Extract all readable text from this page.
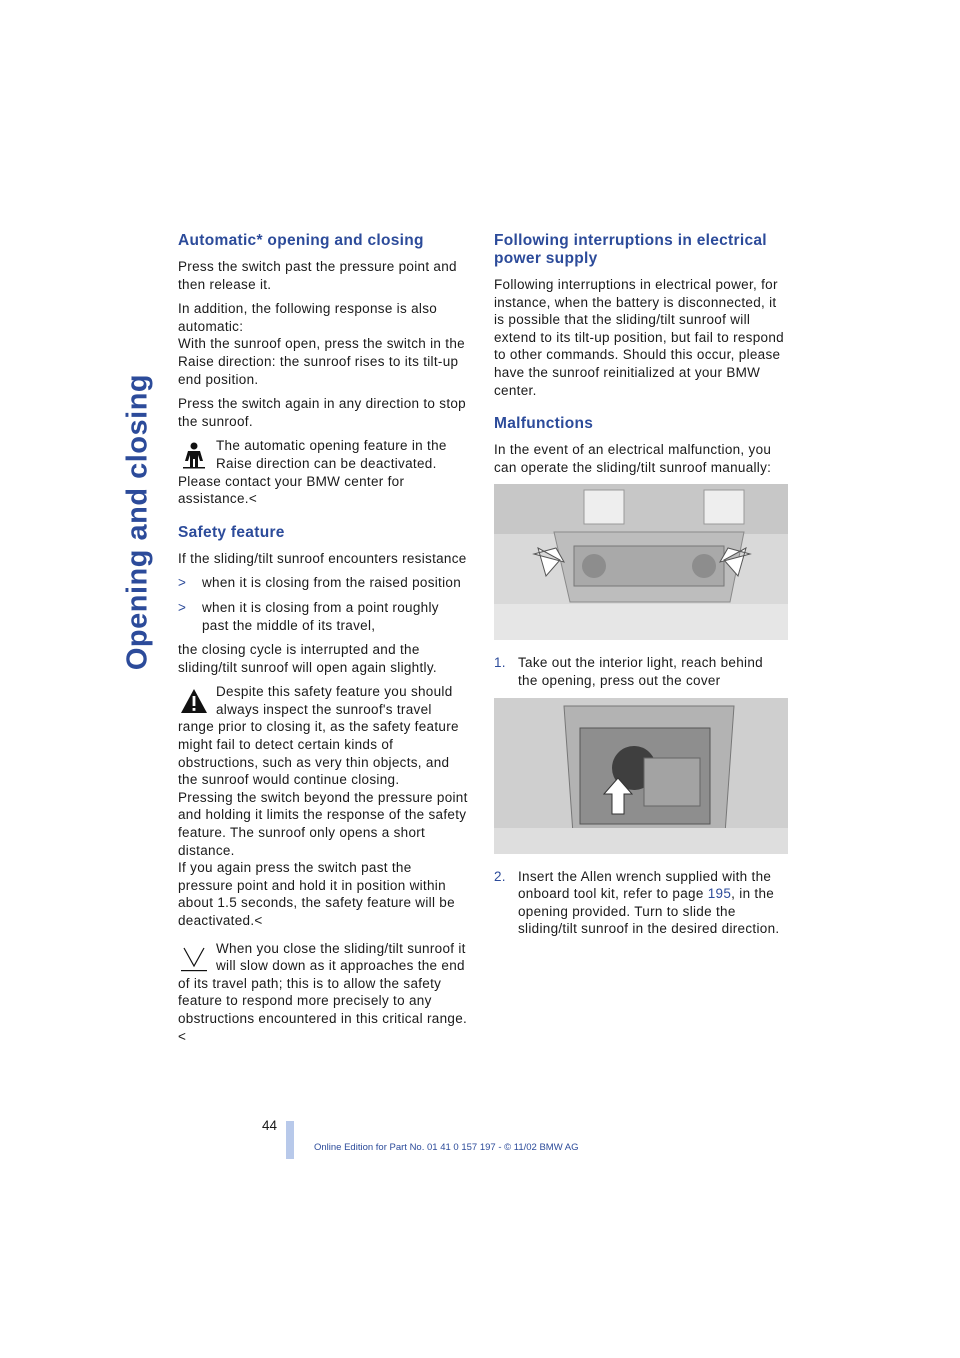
Opening and closing
Automatic* opening and closing

Press the switch past the pressure point and then release it.

In addition, the following response is also automatic:
With the sunroof open, press the switch in the Raise direction: the sunroof rises to its tilt-up end position.

Press the switch again in any direction to stop the sunroof.

The automatic opening feature in the Raise direction can be deactivated. Please contact your BMW center for assistance.<
Safety feature

If the sliding/tilt sunroof encounters resistance

>	when it is closing from the raised position
>	when it is closing from a point roughly past the middle of its travel,

the closing cycle is interrupted and the sliding/tilt sunroof will open again slightly.

Despite this safety feature you should always inspect the sunroof's travel range prior to closing it, as the safety feature might fail to detect certain kinds of obstructions, such as very thin objects, and the sunroof would continue closing.
Pressing the switch beyond the pressure point and holding it limits the response of the safety feature. The sunroof only opens a short distance.
If you again press the switch past the pressure point and hold it in position within about 1.5 seconds, the safety feature will be deactivated.<
When you close the sliding/tilt sunroof it will slow down as it approaches the end of its travel path; this is to allow the safety feature to respond more precisely to any obstructions encountered in this critical range.<
Following interruptions in electrical power supply

Following interruptions in electrical power, for instance, when the battery is disconnected, it is possible that the sliding/tilt sunroof will extend to its tilt-up position, but fail to respond to other commands. Should this occur, please have the sunroof reinitialized at your BMW center.

Malfunctions

In the event of an electrical malfunction, you can operate the sliding/tilt sunroof manually:

1. Take out the interior light, reach behind the opening, press out the cover
2. Insert the Allen wrench supplied with the onboard tool kit, refer to page 195, in the opening provided. Turn to slide the sliding/tilt sunroof in the desired direction.
44
Online Edition for Part No. 01 41 0 157 197 - © 11/02 BMW AG
